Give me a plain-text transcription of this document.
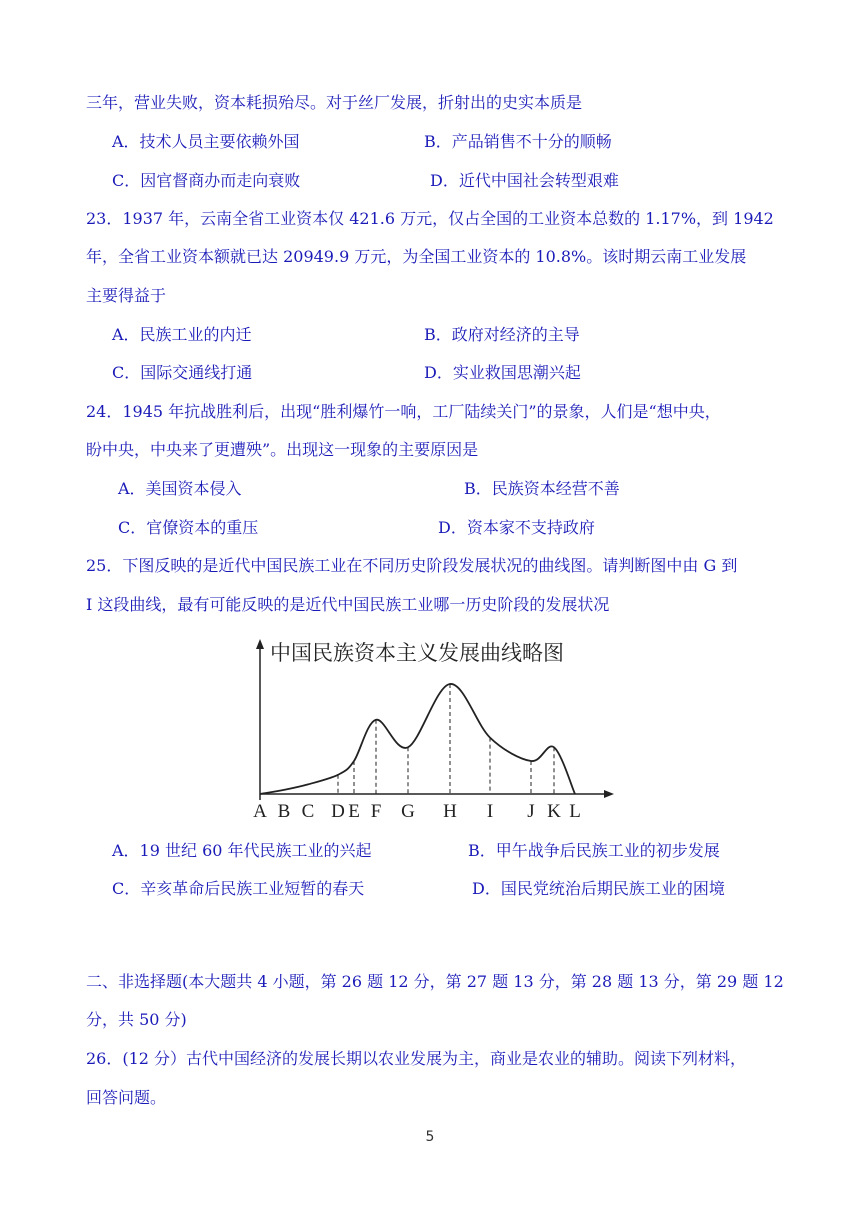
三年，营业失败，资本耗损殆尽。对于丝厂发展，折射出的史实本质是
A．技术人员主要依赖外国	B．产品销售不十分的顺畅
C．因官督商办而走向衰败	D．近代中国社会转型艰难
23．1937 年，云南全省工业资本仅 421.6 万元，仅占全国的工业资本总数的 1.17%，到 1942
年，全省工业资本额就已达 20949.9 万元，为全国工业资本的 10.8%。该时期云南工业发展
主要得益于
A．民族工业的内迁	B．政府对经济的主导
C．国际交通线打通	D．实业救国思潮兴起
24．1945 年抗战胜利后，出现“胜利爆竹一响，工厂陆续关门”的景象，人们是“想中央，
盼中央，中央来了更遭殃”。出现这一现象的主要原因是
A．美国资本侵入	B．民族资本经营不善
C．官僚资本的重压	D．资本家不支持政府
25．下图反映的是近代中国民族工业在不同历史阶段发展状况的曲线图。请判断图中由 G 到
I 这段曲线，最有可能反映的是近代中国民族工业哪一历史阶段的发展状况
中国民族资本主义发展曲线略图
A B C D E F G H I J K L
A．19 世纪 60 年代民族工业的兴起	B．甲午战争后民族工业的初步发展
C．辛亥革命后民族工业短暂的春天	D．国民党统治后期民族工业的困境
二、非选择题(本大题共 4 小题，第 26 题 12 分，第 27 题 13 分，第 28 题 13 分，第 29 题 12
分，共 50 分)
26．(12 分）古代中国经济的发展长期以农业发展为主，商业是农业的辅助。阅读下列材料，
回答问题。
5
